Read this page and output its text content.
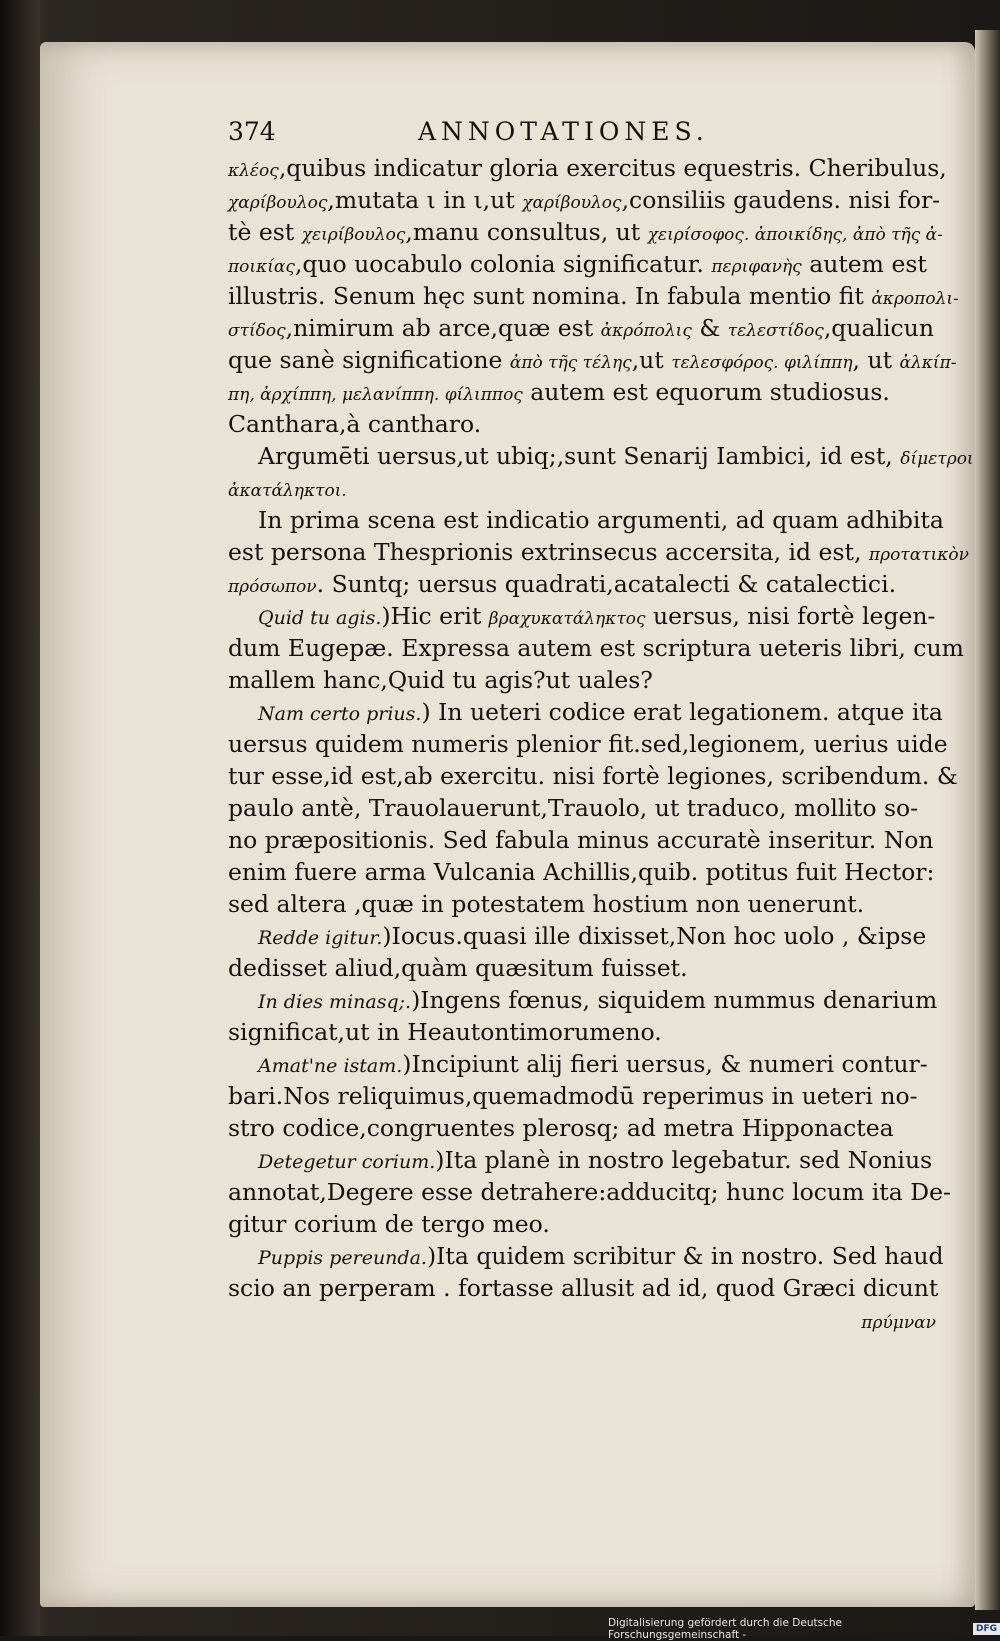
374	ANNOTATIONES.
κλέος,quibus indicatur gloria exercitus equestris. Cheribulus,
χαρίβουλος,mutata ι in ι,ut χαρίβουλος,consiliis gaudens. nisi for-
tè est χειρίβουλος,manu consultus, ut χειρίσοφος. ἀποικίδης, ἀπὸ τῆς ἀ-
ποικίας,quo uocabulo colonia significatur. περιφανὴς autem est
illustris. Senum hęc sunt nomina. In fabula mentio fit ἀκροπολι-
στίδος,nimirum ab arce,quæ est ἀκρόπολις & τελεστίδος,qualicun
que sanè significatione ἀπὸ τῆς τέλης,ut τελεσφόρος. φιλίππη, ut ἀλκίπ-
πη, ἀρχίππη, μελανίππη. φίλιππος autem est equorum studiosus.
Canthara,à cantharo.
Argumēti uersus,ut ubiq;,sunt Senarij Iambici, id est, δίμετροι
ἀκατάληκτοι.
In prima scena est indicatio argumenti, ad quam adhibita
est persona Thesprionis extrinsecus accersita, id est, προτατικὸν
πρόσωπον. Suntq; uersus quadrati,acatalecti & catalectici.
Quid tu agis.)Hic erit βραχυκατάληκτος uersus, nisi fortè legen-
dum Eugepæ. Expressa autem est scriptura ueteris libri, cum
mallem hanc,Quid tu agis?ut uales?
Nam certo prius.) In ueteri codice erat legationem. atque ita
uersus quidem numeris plenior fit.sed,legionem, uerius uide
tur esse,id est,ab exercitu. nisi fortè legiones, scribendum. &
paulo antè, Trauolauerunt,Trauolo, ut traduco, mollito so-
no præpositionis. Sed fabula minus accuratè inseritur. Non
enim fuere arma Vulcania Achillis,quib. potitus fuit Hector:
sed altera ,quæ in potestatem hostium non uenerunt.
Redde igitur.)Iocus.quasi ille dixisset,Non hoc uolo , &ipse
dedisset aliud,quàm quæsitum fuisset.
In dies minasq;.)Ingens fœnus, siquidem nummus denarium
significat,ut in Heautontimorumeno.
Amat'ne istam.)Incipiunt alij fieri uersus, & numeri contur-
bari.Nos reliquimus,quemadmodū reperimus in ueteri no-
stro codice,congruentes plerosq; ad metra Hipponactea
Detegetur corium.)Ita planè in nostro legebatur. sed Nonius
annotat,Degere esse detrahere:adducitq; hunc locum ita De-
gitur corium de tergo meo.
Puppis pereunda.)Ita quidem scribitur & in nostro. Sed haud
scio an perperam . fortasse allusit ad id, quod Græci dicunt
πρύμναν
Digitalisierung gefördert durch die Deutsche Forschungsgemeinschaft -	DFG
